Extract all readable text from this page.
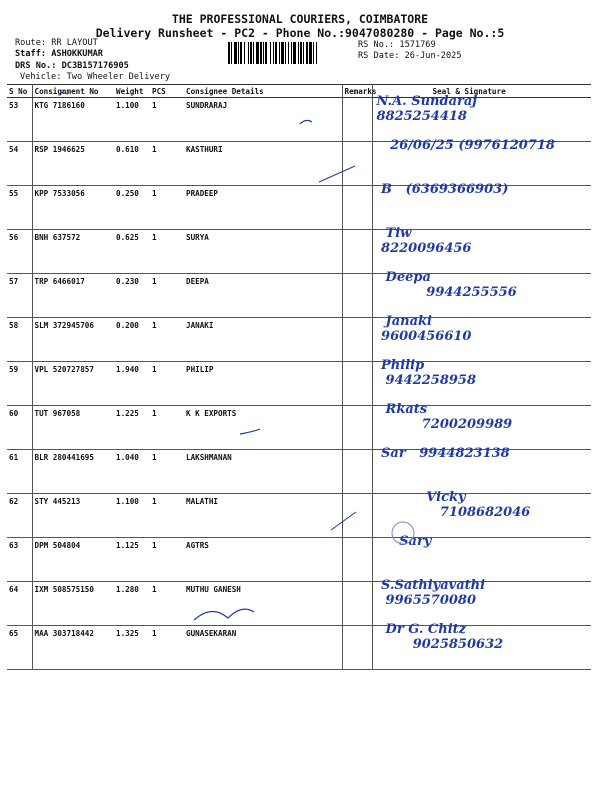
THE PROFESSIONAL COURIERS, COIMBATORE
Delivery Runsheet - PC2 - Phone No.:9047080280 - Page No.:5
Route: RR LAYOUT
Staff: ASHOKKUMAR
DRS No.: DC3B157176905
Vehicle: Two Wheeler Delivery
RS No.: 1571769
RS Date: 26-Jun-2025
S No	Consignment No	Weight	PCS	Consignee Details	Remarks	Seal & Signature
53	KTG 7186160	1.100	1	SUNDRARAJ		N.A. Sundaraj
8825254418

54	RSP 1946625	0.610	1	KASTHURI		26/06/25 (9976120718

55	KPP 7533056	0.250	1	PRADEEP		B   (6369366903)

56	BNH 637572	0.625	1	SURYA		Tiw
8220096456

57	TRP 6466017	0.230	1	DEEPA		Deepa
9944255556

58	SLM 372945706	0.200	1	JANAKI		Janaki
9600456610

59	VPL 520727857	1.940	1	PHILIP		Philip
9442258958

60	TUT 967058	1.225	1	K K EXPORTS		Rkats
7200209989

61	BLR 280441695	1.040	1	LAKSHMANAN		Sar   9944823138

62	STY 445213	1.100	1	MALATHI		Vicky
7108682046

63	DPM 504804	1.125	1	AGTRS		Sary

64	IXM 508575150	1.280	1	MUTHU GANESH		S.Sathiyavathi
9965570080

65	MAA 303718442	1.325	1	GUNASEKARAN		Dr G. Chitz
9025850632
